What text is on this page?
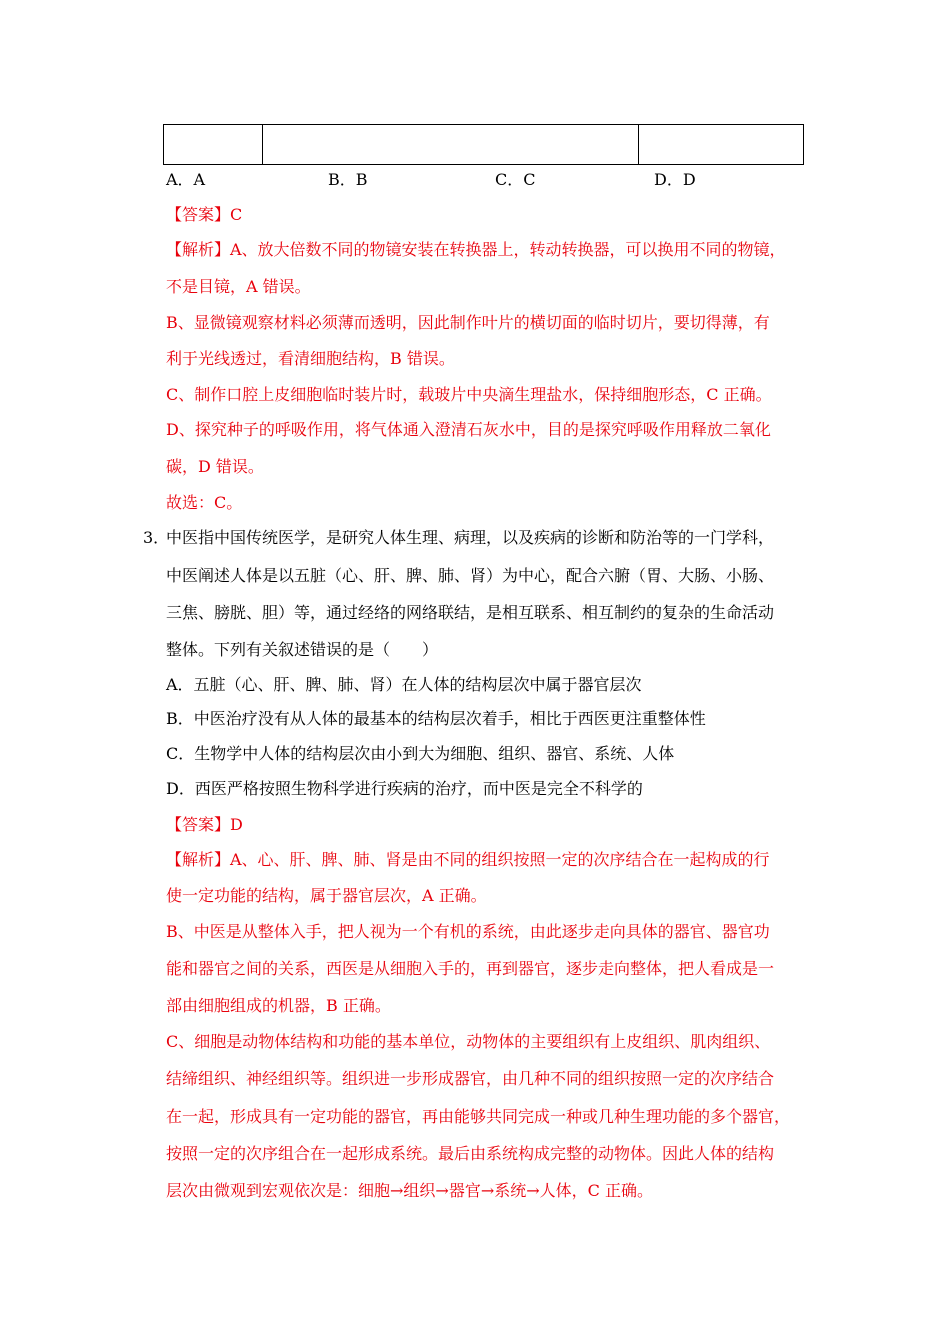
A．A	B．B	C．C	D．D
【答案】C
【解析】A、放大倍数不同的物镜安装在转换器上，转动转换器，可以换用不同的物镜，
不是目镜，A 错误。
B、显微镜观察材料必须薄而透明，因此制作叶片的横切面的临时切片，要切得薄，有
利于光线透过，看清细胞结构，B 错误。
C、制作口腔上皮细胞临时装片时，载玻片中央滴生理盐水，保持细胞形态，C 正确。
D、探究种子的呼吸作用，将气体通入澄清石灰水中，目的是探究呼吸作用释放二氧化
碳，D 错误。
故选：C。
3．
中医指中国传统医学，是研究人体生理、病理，以及疾病的诊断和防治等的一门学科，
中医阐述人体是以五脏（心、肝、脾、肺、肾）为中心，配合六腑（胃、大肠、小肠、
三焦、膀胱、胆）等，通过经络的网络联结，是相互联系、相互制约的复杂的生命活动
整体。下列有关叙述错误的是（　　）
A．五脏（心、肝、脾、肺、肾）在人体的结构层次中属于器官层次
B．中医治疗没有从人体的最基本的结构层次着手，相比于西医更注重整体性
C．生物学中人体的结构层次由小到大为细胞、组织、器官、系统、人体
D．西医严格按照生物科学进行疾病的治疗，而中医是完全不科学的
【答案】D
【解析】A、心、肝、脾、肺、肾是由不同的组织按照一定的次序结合在一起构成的行
使一定功能的结构，属于器官层次，A 正确。
B、中医是从整体入手，把人视为一个有机的系统，由此逐步走向具体的器官、器官功
能和器官之间的关系，西医是从细胞入手的，再到器官，逐步走向整体，把人看成是一
部由细胞组成的机器，B 正确。
C、细胞是动物体结构和功能的基本单位，动物体的主要组织有上皮组织、肌肉组织、
结缔组织、神经组织等。组织进一步形成器官，由几种不同的组织按照一定的次序结合
在一起，形成具有一定功能的器官，再由能够共同完成一种或几种生理功能的多个器官，
按照一定的次序组合在一起形成系统。最后由系统构成完整的动物体。因此人体的结构
层次由微观到宏观依次是：细胞→组织→器官→系统→人体，C 正确。
